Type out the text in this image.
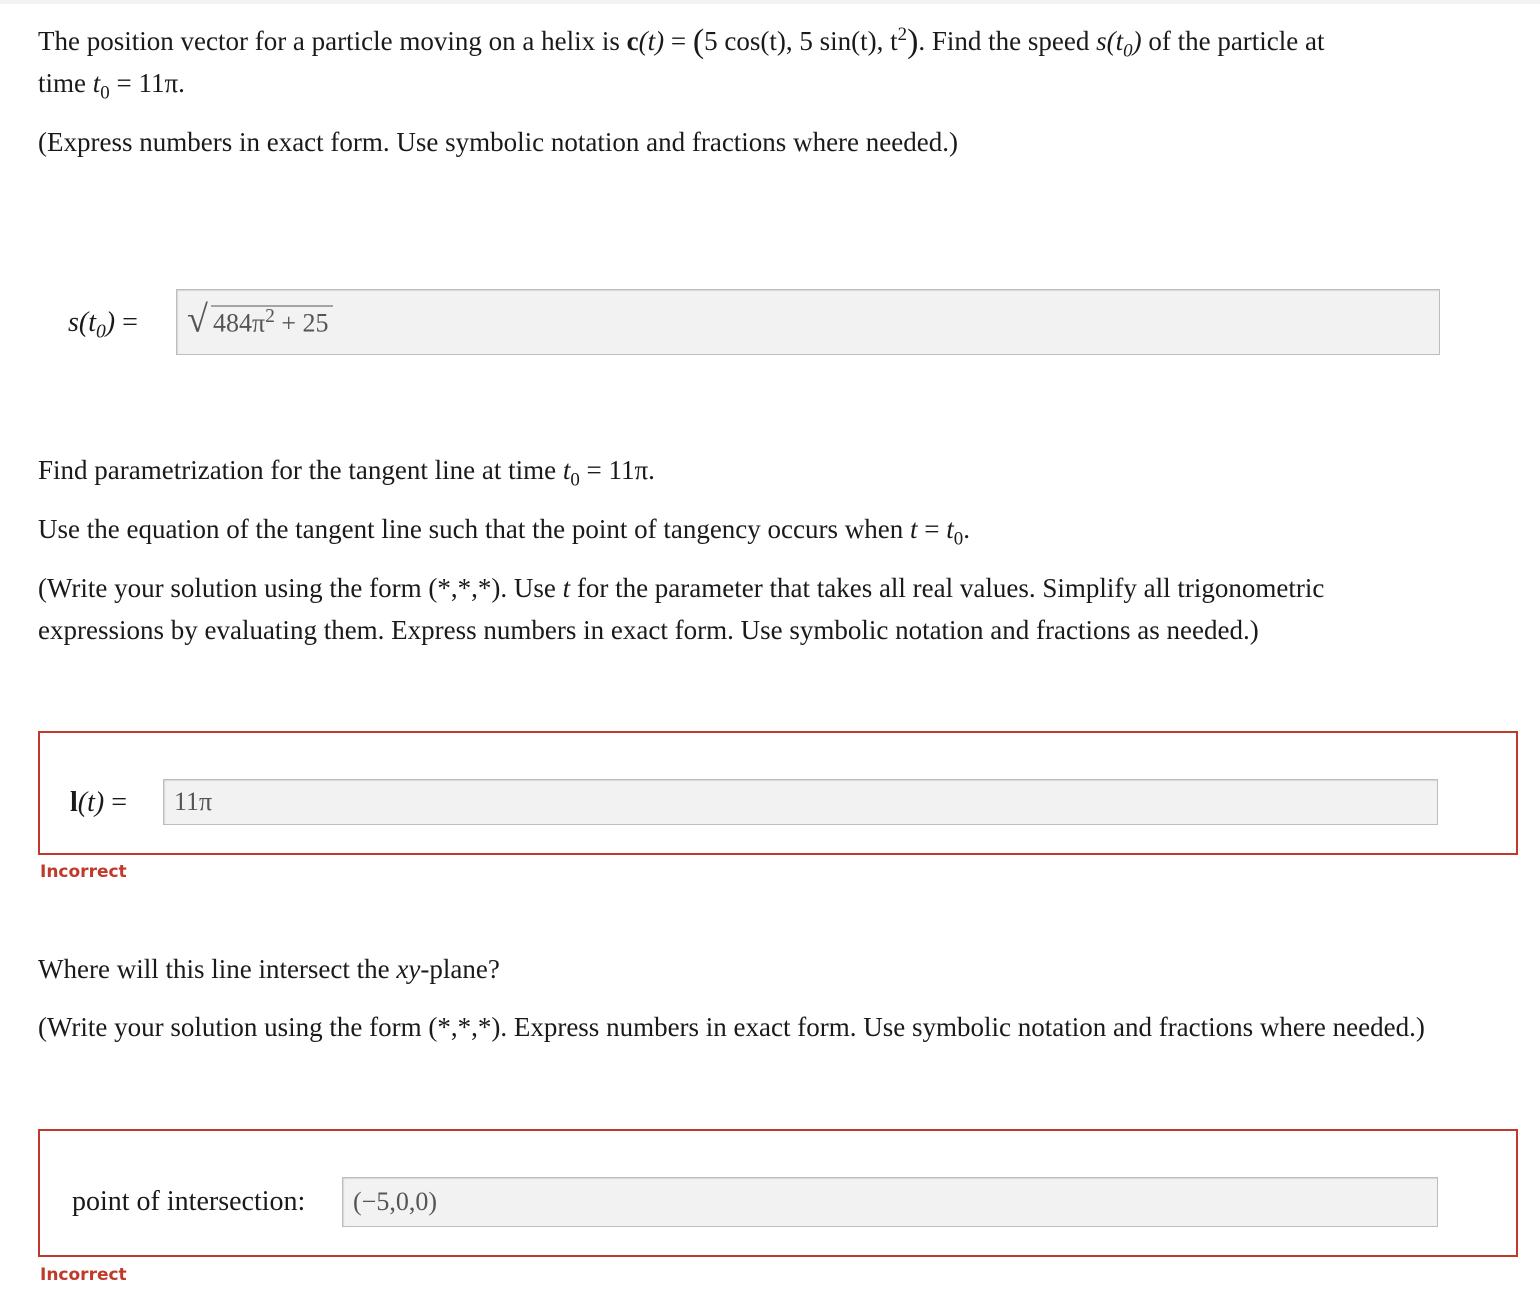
The position vector for a particle moving on a helix is c(t) = (5 cos(t), 5 sin(t), $t^2$). Find the speed $s(t_0)$ of the particle at
time $t_0 = 11\pi$.
(Express numbers in exact form. Use symbolic notation and fractions where needed.)
$s(t_0)$ = √ $484\pi^2 + 25$
Find parametrization for the tangent line at time $t_0 = 11\pi$.
Use the equation of the tangent line such that the point of tangency occurs when $t = t_0$.
(Write your solution using the form (*,*,*). Use t for the parameter that takes all real values. Simplify all trigonometric
expressions by evaluating them. Express numbers in exact form. Use symbolic notation and fractions as needed.)
l(t) = 11π
Incorrect
Where will this line intersect the xy-plane?
(Write your solution using the form (*,*,*). Express numbers in exact form. Use symbolic notation and fractions where needed.)
point of intersection: (−5,0,0)
Incorrect
